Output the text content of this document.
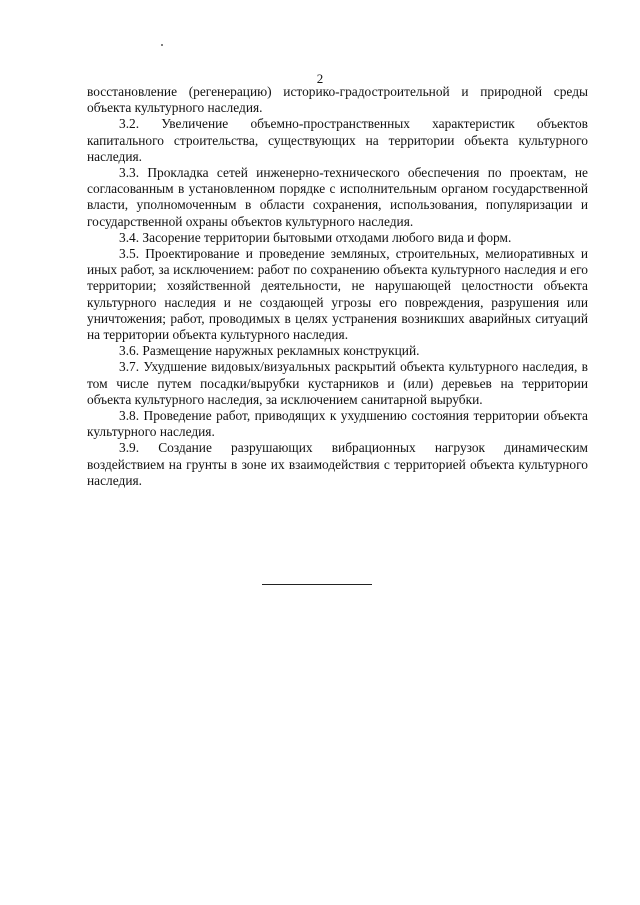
2

восстановление (регенерацию) историко-градостроительной и природной среды объекта культурного наследия.

3.2. Увеличение объемно-пространственных характеристик объектов капитального строительства, существующих на территории объекта культурного наследия.

3.3. Прокладка сетей инженерно-технического обеспечения по проектам, не согласованным в установленном порядке с исполнительным органом государственной власти, уполномоченным в области сохранения, использования, популяризации и государственной охраны объектов культурного наследия.

3.4. Засорение территории бытовыми отходами любого вида и форм.

3.5. Проектирование и проведение земляных, строительных, мелиоративных и иных работ, за исключением: работ по сохранению объекта культурного наследия и его территории; хозяйственной деятельности, не нарушающей целостности объекта культурного наследия и не создающей угрозы его повреждения, разрушения или уничтожения; работ, проводимых в целях устранения возникших аварийных ситуаций на территории объекта культурного наследия.

3.6. Размещение наружных рекламных конструкций.

3.7. Ухудшение видовых/визуальных раскрытий объекта культурного наследия, в том числе путем посадки/вырубки кустарников и (или) деревьев на территории объекта культурного наследия, за исключением санитарной вырубки.

3.8. Проведение работ, приводящих к ухудшению состояния территории объекта культурного наследия.

3.9. Создание разрушающих вибрационных нагрузок динамическим воздействием на грунты в зоне их взаимодействия с территорией объекта культурного наследия.
